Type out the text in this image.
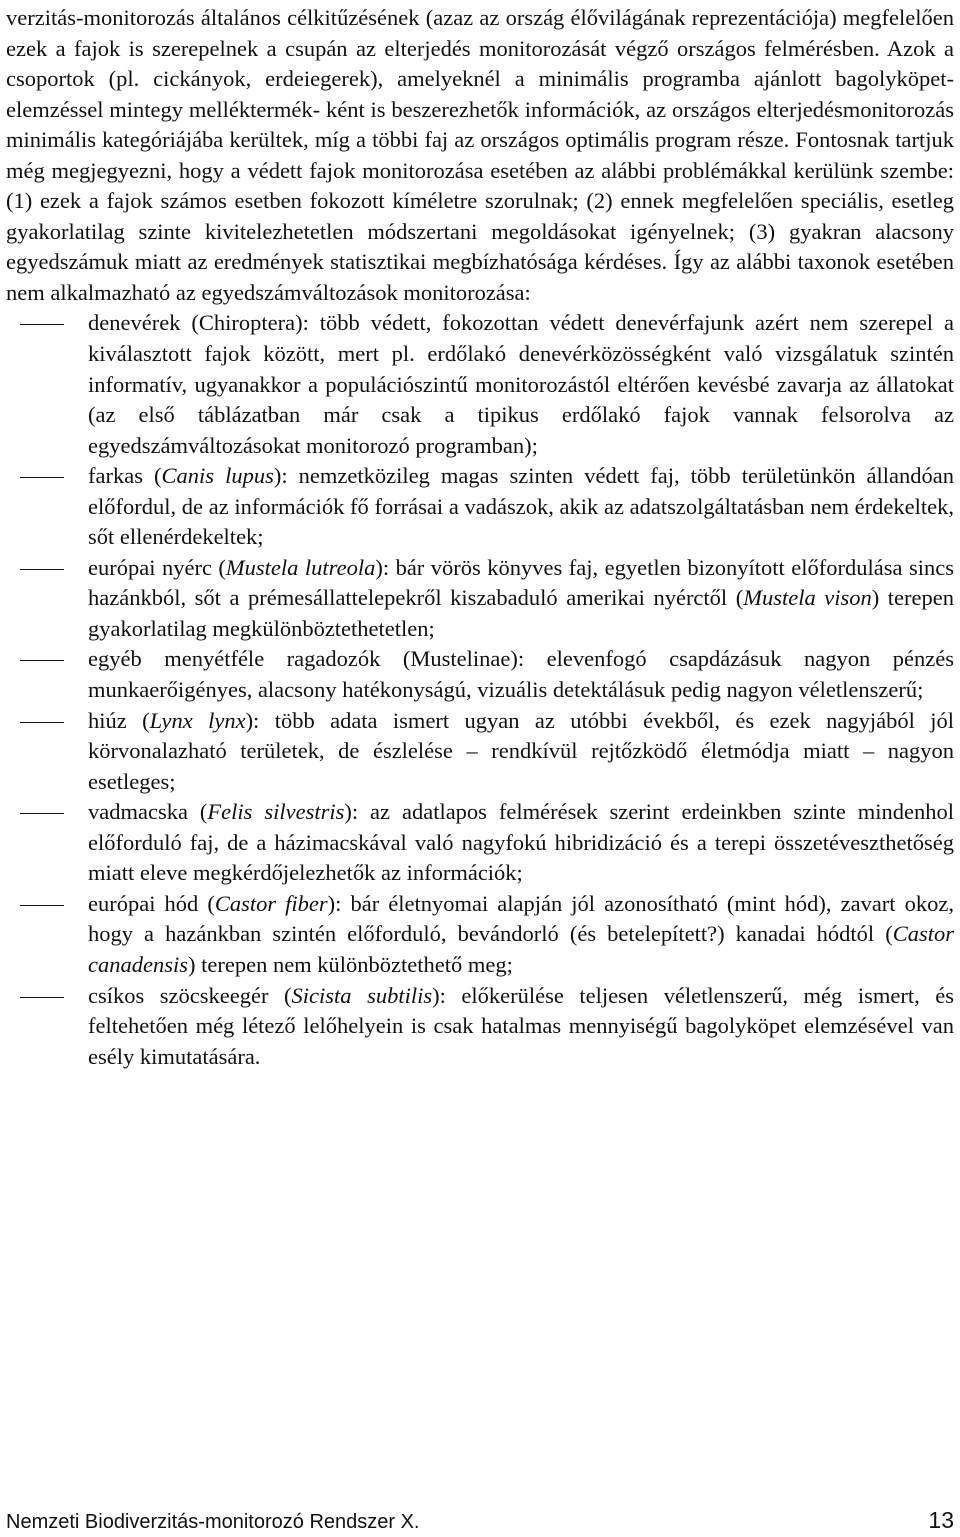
verzitás-monitorozás általános célkitűzésének (azaz az ország élővilágának reprezentációja) megfelelően ezek a fajok is szerepelnek a csupán az elterjedés monitorozását végző országos felmérésben. Azok a csoportok (pl. cickányok, erdeiegerek), amelyeknél a minimális programba ajánlott bagolyköpet-elemzéssel mintegy melléktermék- ként is beszerezhetők információk, az országos elterjedésmonitorozás minimális kategóriájába kerültek, míg a többi faj az országos optimális program része. Fontosnak tartjuk még megjegyezni, hogy a védett fajok monitorozása esetében az alábbi problémákkal kerülünk szembe: (1) ezek a fajok számos esetben fokozott kíméletre szorulnak; (2) ennek megfelelően speciális, esetleg gyakorlatilag szinte kivitelezhetetlen módszertani megoldásokat igényelnek; (3) gyakran alacsony egyedszámuk miatt az eredmények statisztikai megbízhatósága kérdéses. Így az alábbi taxonok esetében nem alkalmazható az egyedszámváltozások monitorozása:

denevérek (Chiroptera): több védett, fokozottan védett denevérfajunk azért nem szerepel a kiválasztott fajok között, mert pl. erdőlakó denevérközösségként való vizsgálatuk szintén informatív, ugyanakkor a populációszintű monitorozástól eltérően kevésbé zavarja az állatokat (az első táblázatban már csak a tipikus erdőlakó fajok vannak felsorolva az egyedszámváltozásokat monitorozó programban);
farkas (Canis lupus): nemzetközileg magas szinten védett faj, több területünkön állandóan előfordul, de az információk fő forrásai a vadászok, akik az adatszolgáltatásban nem érdekeltek, sőt ellenérdekeltek;
európai nyérc (Mustela lutreola): bár vörös könyves faj, egyetlen bizonyított előfordulása sincs hazánkból, sőt a prémesállattelepekről kiszabaduló amerikai nyérctől (Mustela vison) terepen gyakorlatilag megkülönböztethetetlen;
egyéb menyétféle ragadozók (Mustelinae): elevenfogó csapdázásuk nagyon pénzés munkaerőigényes, alacsony hatékonyságú, vizuális detektálásuk pedig nagyon véletlenszerű;
hiúz (Lynx lynx): több adata ismert ugyan az utóbbi évekből, és ezek nagyjából jól körvonalazható területek, de észlelése – rendkívül rejtőzködő életmódja miatt – nagyon esetleges;
vadmacska (Felis silvestris): az adatlapos felmérések szerint erdeinkben szinte mindenhol előforduló faj, de a házimacskával való nagyfokú hibridizáció és a terepi összetéveszthetőség miatt eleve megkérdőjelezhetők az információk;
európai hód (Castor fiber): bár életnyomai alapján jól azonosítható (mint hód), zavart okoz, hogy a hazánkban szintén előforduló, bevándorló (és betelepített?) kanadai hódtól (Castor canadensis) terepen nem különböztethető meg;
csíkos szöcskeegér (Sicista subtilis): előkerülése teljesen véletlenszerű, még ismert, és feltehetően még létező lelőhelyein is csak hatalmas mennyiségű bagolyköpet elemzésével van esély kimutatására.
Nemzeti Biodiverzitás-monitorozó Rendszer X.	13
